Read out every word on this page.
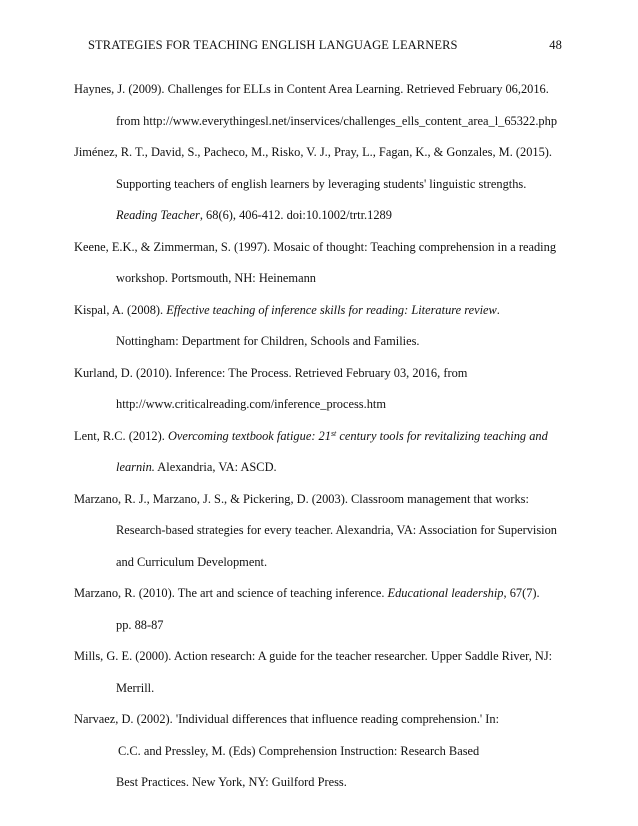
STRATEGIES FOR TEACHING ENGLISH LANGUAGE LEARNERS	48
Haynes, J. (2009). Challenges for ELLs in Content Area Learning. Retrieved February 06,2016.
from http://www.everythingesl.net/inservices/challenges_ells_content_area_l_65322.php
Jiménez, R. T., David, S., Pacheco, M., Risko, V. J., Pray, L., Fagan, K., & Gonzales, M. (2015).
Supporting teachers of english learners by leveraging students' linguistic strengths.
Reading Teacher, 68(6), 406-412. doi:10.1002/trtr.1289
Keene, E.K., & Zimmerman, S. (1997). Mosaic of thought: Teaching comprehension in a reading
workshop. Portsmouth, NH: Heinemann
Kispal, A. (2008). Effective teaching of inference skills for reading: Literature review.
Nottingham: Department for Children, Schools and Families.
Kurland, D. (2010). Inference: The Process. Retrieved February 03, 2016, from
http://www.criticalreading.com/inference_process.htm
Lent, R.C. (2012). Overcoming textbook fatigue: 21st century tools for revitalizing teaching and
learnin. Alexandria, VA: ASCD.
Marzano, R. J., Marzano, J. S., & Pickering, D. (2003). Classroom management that works:
Research-based strategies for every teacher. Alexandria, VA: Association for Supervision
and Curriculum Development.
Marzano, R. (2010). The art and science of teaching inference. Educational leadership, 67(7).
pp. 88-87
Mills, G. E. (2000). Action research: A guide for the teacher researcher. Upper Saddle River, NJ:
Merrill.
Narvaez, D. (2002). 'Individual differences that influence reading comprehension.' In:
C.C. and Pressley, M. (Eds) Comprehension Instruction: Research Based
Best Practices. New York, NY: Guilford Press.
